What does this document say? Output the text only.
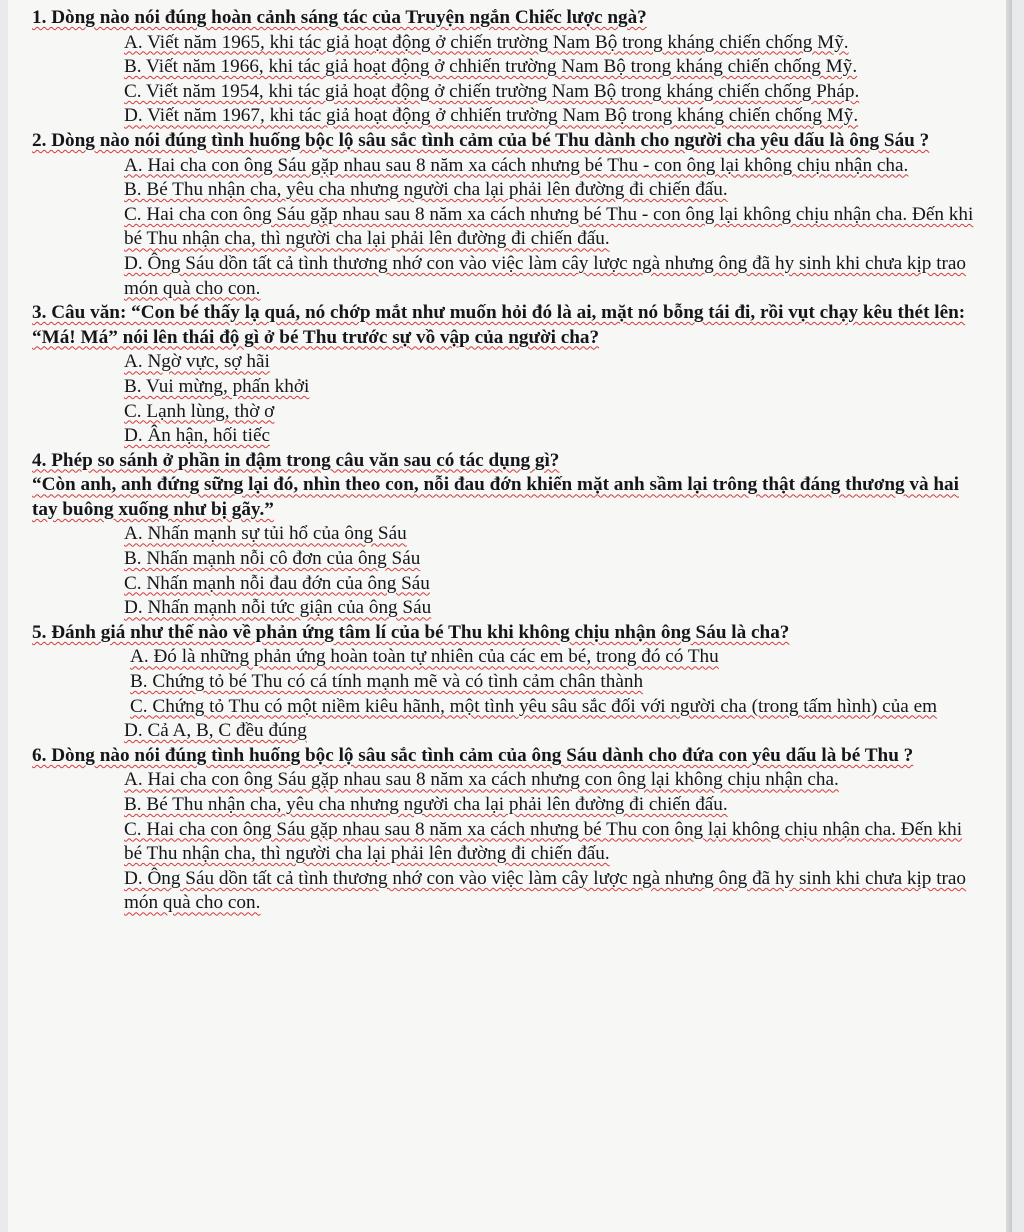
1. Dòng nào nói đúng hoàn cảnh sáng tác của Truyện ngắn Chiếc lược ngà?

A. Viết năm 1965, khi tác giả hoạt động ở chiến trường Nam Bộ trong kháng chiến chống Mỹ.

B. Viết năm 1966, khi tác giả hoạt động ở chhiến trường Nam Bộ trong kháng chiến chống Mỹ.

C. Viết năm 1954, khi tác giả hoạt động ở chiến trường Nam Bộ trong kháng chiến chống Pháp.

D. Viết năm 1967, khi tác giả hoạt động ở chhiến trường Nam Bộ trong kháng chiến chống Mỹ.

2. Dòng nào nói đúng tình huống bộc lộ sâu sắc tình cảm của bé Thu dành cho người cha yêu dấu là ông Sáu ?

A. Hai cha con ông Sáu gặp nhau sau 8 năm xa cách nhưng bé Thu - con ông lại không chịu nhận cha.

B. Bé Thu nhận cha, yêu cha nhưng người cha lại phải lên đường đi chiến đấu.

C. Hai cha con ông Sáu gặp nhau sau 8 năm xa cách nhưng bé Thu - con ông lại không chịu nhận cha. Đến khi bé Thu nhận cha, thì người cha lại phải lên đường đi chiến đấu.

D. Ông Sáu dồn tất cả tình thương nhớ con vào việc làm cây lược ngà nhưng ông đã hy sinh khi chưa kịp trao món quà cho con.

3. Câu văn: “Con bé thấy lạ quá, nó chớp mắt như muốn hỏi đó là ai, mặt nó bỗng tái đi, rồi vụt chạy kêu thét lên: “Má! Má” nói lên thái độ gì ở bé Thu trước sự vồ vập của người cha?

A. Ngờ vực, sợ hãi

B. Vui mừng, phấn khởi

C. Lạnh lùng, thờ ơ

D. Ân hận, hối tiếc

4. Phép so sánh ở phần in đậm trong câu văn sau có tác dụng gì?

“Còn anh, anh đứng sững lại đó, nhìn theo con, nỗi đau đớn khiến mặt anh sầm lại trông thật đáng thương và hai tay buông xuống như bị gãy.”

A. Nhấn mạnh sự tủi hổ của ông Sáu

B. Nhấn mạnh nỗi cô đơn của ông Sáu

C. Nhấn mạnh nỗi đau đớn của ông Sáu

D. Nhấn mạnh nỗi tức giận của ông Sáu

5. Đánh giá như thế nào về phản ứng tâm lí của bé Thu khi không chịu nhận ông Sáu là cha?

A. Đó là những phản ứng hoàn toàn tự nhiên của các em bé, trong đó có Thu

B. Chứng tỏ bé Thu có cá tính mạnh mẽ và có tình cảm chân thành

C. Chứng tỏ Thu có một niềm kiêu hãnh, một tình yêu sâu sắc đối với người cha (trong tấm hình) của em

D. Cả A, B, C đều đúng

6. Dòng nào nói đúng tình huống bộc lộ sâu sắc tình cảm của ông Sáu dành cho đứa con yêu dấu là bé Thu ?

A. Hai cha con ông Sáu gặp nhau sau 8 năm xa cách nhưng con ông lại không chịu nhận cha.

B. Bé Thu nhận cha, yêu cha nhưng người cha lại phải lên đường đi chiến đấu.

C. Hai cha con ông Sáu gặp nhau sau 8 năm xa cách nhưng bé Thu con ông lại không chịu nhận cha. Đến khi bé Thu nhận cha, thì người cha lại phải lên đường đi chiến đấu.

D. Ông Sáu dồn tất cả tình thương nhớ con vào việc làm cây lược ngà nhưng ông đã hy sinh khi chưa kịp trao món quà cho con.
